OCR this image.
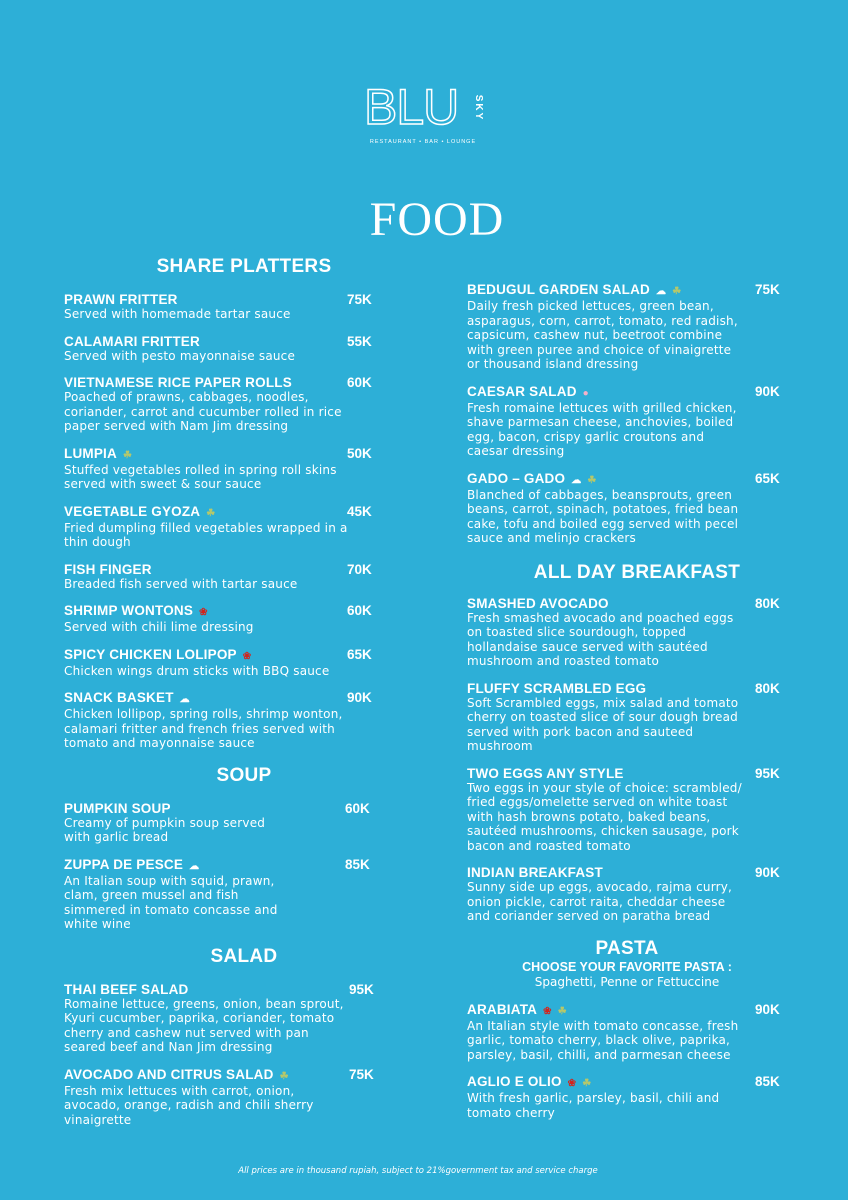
BLU SKY
RESTAURANT • BAR • LOUNGE
FOOD
SHARE PLATTERS
PRAWN FRITTER	75K
Served with homemade tartar sauce
CALAMARI FRITTER	55K
Served with pesto mayonnaise sauce
VIETNAMESE RICE PAPER ROLLS	60K
Poached of prawns, cabbages, noodles, coriander, carrot and cucumber rolled in rice paper served with Nam Jim dressing
LUMPIA ☘	50K
Stuffed vegetables rolled in spring roll skins served with sweet & sour sauce
VEGETABLE GYOZA ☘	45K
Fried dumpling filled vegetables wrapped in a thin dough
FISH FINGER	70K
Breaded fish served with tartar sauce
SHRIMP WONTONS ❀	60K
Served with chili lime dressing
SPICY CHICKEN LOLIPOP ❀	65K
Chicken wings drum sticks with BBQ sauce
SNACK BASKET ☁	90K
Chicken lollipop, spring rolls, shrimp wonton, calamari fritter and french fries served with tomato and mayonnaise sauce
SOUP
PUMPKIN SOUP	60K
Creamy of pumpkin soup served with garlic bread
ZUPPA DE PESCE ☁	85K
An Italian soup with squid, prawn, clam, green mussel and fish simmered in tomato concasse and white wine
SALAD
THAI BEEF SALAD	95K
Romaine lettuce, greens, onion, bean sprout, Kyuri cucumber, paprika, coriander, tomato cherry and cashew nut served with pan seared beef and Nan Jim dressing
AVOCADO AND CITRUS SALAD ☘	75K
Fresh mix lettuces with carrot, onion, avocado, orange, radish and chili sherry vinaigrette
BEDUGUL GARDEN SALAD ☁ ☘	75K
Daily fresh picked lettuces, green bean, asparagus, corn, carrot, tomato, red radish, capsicum, cashew nut, beetroot combine with green puree and choice of vinaigrette or thousand island dressing
CAESAR SALAD ●	90K
Fresh romaine lettuces with grilled chicken, shave parmesan cheese, anchovies, boiled egg, bacon, crispy garlic croutons and caesar dressing
GADO – GADO ☁ ☘	65K
Blanched of cabbages, beansprouts, green beans, carrot, spinach, potatoes, fried bean cake, tofu and boiled egg served with pecel sauce and melinjo crackers
ALL DAY BREAKFAST
SMASHED AVOCADO	80K
Fresh smashed avocado and poached eggs on toasted slice sourdough, topped hollandaise sauce served with sautéed mushroom and roasted tomato
FLUFFY SCRAMBLED EGG	80K
Soft Scrambled eggs, mix salad and tomato cherry on toasted slice of sour dough bread served with pork bacon and sauteed mushroom
TWO EGGS ANY STYLE	95K
Two eggs in your style of choice: scrambled/ fried eggs/omelette served on white toast with hash browns potato, baked beans, sautéed mushrooms, chicken sausage, pork bacon and roasted tomato
INDIAN BREAKFAST	90K
Sunny side up eggs, avocado, rajma curry, onion pickle, carrot raita, cheddar cheese and coriander served on paratha bread
PASTA
CHOOSE YOUR FAVORITE PASTA :
Spaghetti, Penne or Fettuccine
ARABIATA ❀ ☘	90K
An Italian style with tomato concasse, fresh garlic, tomato cherry, black olive, paprika, parsley, basil, chilli, and parmesan cheese
AGLIO E OLIO ❀ ☘	85K
With fresh garlic, parsley, basil, chili and tomato cherry
All prices are in thousand rupiah, subject to 21%government tax and service charge
